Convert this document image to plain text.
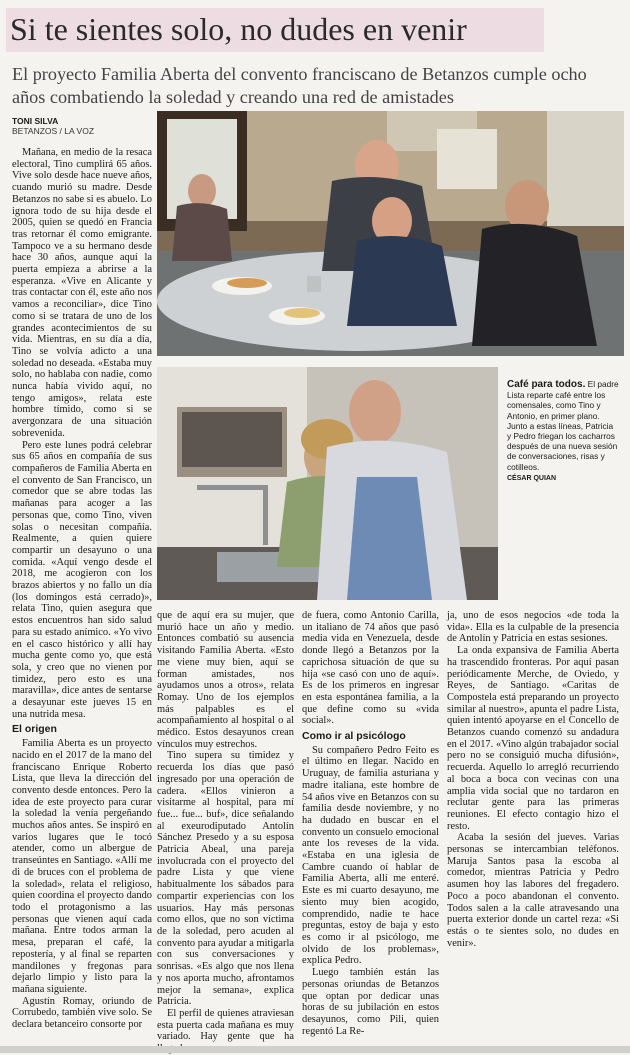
Si te sientes solo, no dudes en venir
El proyecto Familia Aberta del convento franciscano de Betanzos cumple ocho años combatiendo la soledad y creando una red de amistades
TONI SILVA
BETANZOS / LA VOZ
Café para todos. El padre Lista reparte café entre los comensales, como Tino y Antonio, en primer plano. Junto a estas líneas, Patricia y Pedro friegan los cacharros después de una nueva sesión de conversaciones, risas y cotilleos.
CÉSAR QUIAN

Mañana, en medio de la resaca electoral, Tino cumplirá 65 años. Vive solo desde hace nueve años, cuando murió su madre. Desde Betanzos no sabe si es abuelo. Lo ignora todo de su hija desde el 2005, quien se quedó en Francia tras retornar él como emigrante. Tampoco ve a su hermano desde hace 30 años, aunque aquí la puerta empieza a abrirse a la esperanza. «Vive en Alicante y tras contactar con él, este año nos vamos a reconciliar», dice Tino como si se tratara de uno de los grandes acontecimientos de su vida. Mientras, en su día a día, Tino se volvía adicto a una soledad no deseada. «Estaba muy solo, no hablaba con nadie, como nunca había vivido aquí, no tengo amigos», relata este hombre tímido, como si se avergonzara de una situación sobrevenida.

Pero este lunes podrá celebrar sus 65 años en compañía de sus compañeros de Familia Aberta en el convento de San Francisco, un comedor que se abre todas las mañanas para acoger a las personas que, como Tino, viven solas o necesitan compañía. Realmente, a quien quiere compartir un desayuno o una comida. «Aquí vengo desde el 2018, me acogieron con los brazos abiertos y no fallo un día (los domingos está cerrado)», relata Tino, quien asegura que estos encuentros han sido salud para su estado anímico. «Yo vivo en el casco histórico y allí hay mucha gente como yo, que está sola, y creo que no vienen por timidez, pero esto es una maravilla», dice antes de sentarse a desayunar este jueves 15 en una nutrida mesa.

El origen

Familia Aberta es un proyecto nacido en el 2017 de la mano del franciscano Enrique Roberto Lista, que lleva la dirección del convento desde entonces. Pero la idea de este proyecto para curar la soledad la venía pergeñando muchos años antes. Se inspiró en varios lugares que le tocó atender, como un albergue de transeúntes en Santiago. «Allí me di de bruces con el problema de la soledad», relata el religioso, quien coordina el proyecto dando todo el protagonismo a las personas que vienen aquí cada mañana. Entre todos arman la mesa, preparan el café, la repostería, y al final se reparten mandilones y fregonas para dejarlo limpio y listo para la mañana siguiente.

Agustín Romay, oriundo de Corrubedo, también vive solo. Se declara betanceiro consorte por

que de aquí era su mujer, que murió hace un año y medio. Entonces combatió su ausencia visitando Familia Aberta. «Esto me viene muy bien, aquí se forman amistades, nos ayudamos unos a otros», relata Romay. Uno de los ejemplos más palpables es el acompañamiento al hospital o al médico. Estos desayunos crean vínculos muy estrechos.

Tino supera su timidez y recuerda los días que pasó ingresado por una operación de cadera. «Ellos vinieron a visitarme al hospital, para mí fue... fue... buf», dice señalando al exeurodiputado Antolín Sánchez Presedo y a su esposa Patricia Abeal, una pareja involucrada con el proyecto del padre Lista y que viene habitualmente los sábados para compartir experiencias con los usuarios. Hay más personas como ellos, que no son víctima de la soledad, pero acuden al convento para ayudar a mitigarla con sus conversaciones y sonrisas. «Es algo que nos llena y nos aporta mucho, afrontamos mejor la semana», explica Patricia.

El perfil de quienes atraviesan esta puerta cada mañana es muy variado. Hay gente que ha

de fuera, como Antonio Carilla, un italiano de 74 años que pasó media vida en Venezuela, desde donde llegó a Betanzos por la caprichosa situación de que su hija «se casó con uno de aquí». Es de los primeros en ingresar en esta espontánea familia, a la que define como su «vida social».

Como ir al psicólogo

Su compañero Pedro Feito es el último en llegar. Nacido en Uruguay, de familia asturiana y madre italiana, este hombre de 54 años vive en Betanzos con su familia desde noviembre, y no ha dudado en buscar en el convento un consuelo emocional ante los reveses de la vida. «Estaba en una iglesia de Cambre cuando oí hablar de Familia Aberta, allí me enteré. Este es mi cuarto desayuno, me siento muy bien acogido, comprendido, nadie te hace preguntas, estoy de baja y esto es como ir al psicólogo, me olvido de los problemas», explica Pedro.

Luego también están las personas oriundas de Betanzos que optan por dedicar unas horas de su jubilación en estos desayunos, como Pili, quien regentó La Re-

ja, uno de esos negocios «de toda la vida». Ella es la culpable de la presencia de Antolín y Patricia en estas sesiones.

La onda expansiva de Familia Aberta ha trascendido fronteras. Por aquí pasan periódicamente Merche, de Oviedo, y Reyes, de Santiago. «Caritas de Compostela está preparando un proyecto similar al nuestro», apunta el padre Lista, quien intentó apoyarse en el Concello de Betanzos cuando comenzó su andadura en el 2017. «Vino algún trabajador social pero no se consiguió mucha difusión», recuerda. Aquello lo arregló recurriendo al boca a boca con vecinas con una amplia vida social que no tardaron en reclutar gente para las primeras reuniones. El efecto contagio hizo el resto.

Acaba la sesión del jueves. Varias personas se intercambian teléfonos. Maruja Santos pasa la escoba al comedor, mientras Patricia y Pedro asumen hoy las labores del fregadero. Poco a poco abandonan el convento. Todos salen a la calle atravesando una puerta exterior donde un cartel reza: «Si estás o te sientes solo, no dudes en venir».
